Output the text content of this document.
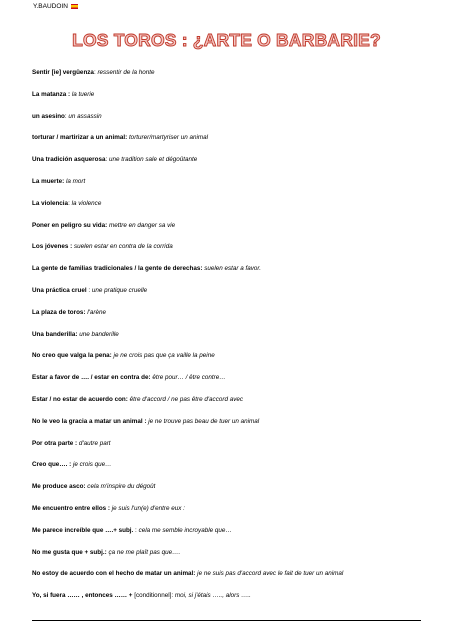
Y.BAUDOIN
LOS TOROS : ¿ARTE O BARBARIE?
Sentir [ie] vergüenza: ressentir de la honte
La matanza : la tuerie
un asesino: un assassin
torturar / martirizar a un animal: torturer/martyriser un animal
Una tradición asquerosa: une tradition sale et dégoûtante
La muerte: la mort
La violencia: la violence
Poner en peligro su vida: mettre en danger sa vie
Los jóvenes : suelen estar en contra de la corrida
La gente de familias tradicionales / la gente de derechas: suelen estar a favor.
Una práctica cruel : une pratique cruelle
La plaza de toros: l'arène
Una banderilla: une banderille
No creo que valga la pena: je ne crois pas que ça vaille la peine
Estar a favor de …. / estar en contra de: être pour… / être contre…
Estar / no estar de acuerdo con: être d'accord / ne pas être d'accord avec
No le veo la gracia a matar un animal : je ne trouve pas beau de tuer un animal
Por otra parte : d'autre part
Creo que…. : je crois que…
Me produce asco: cela m'inspire du dégoût
Me encuentro entre ellos : je suis l'un(e) d'entre eux :
Me parece increíble que ….+ subj. : cela me semble incroyable que…
No me gusta que + subj.: ça ne me plaît pas que….
No estoy de acuerdo con el hecho de matar un animal: je ne suis pas d'accord avec le fait de tuer un animal
Yo, si fuera …… , entonces …… + [conditionnel]: moi, si j'étais ….., alors …..
